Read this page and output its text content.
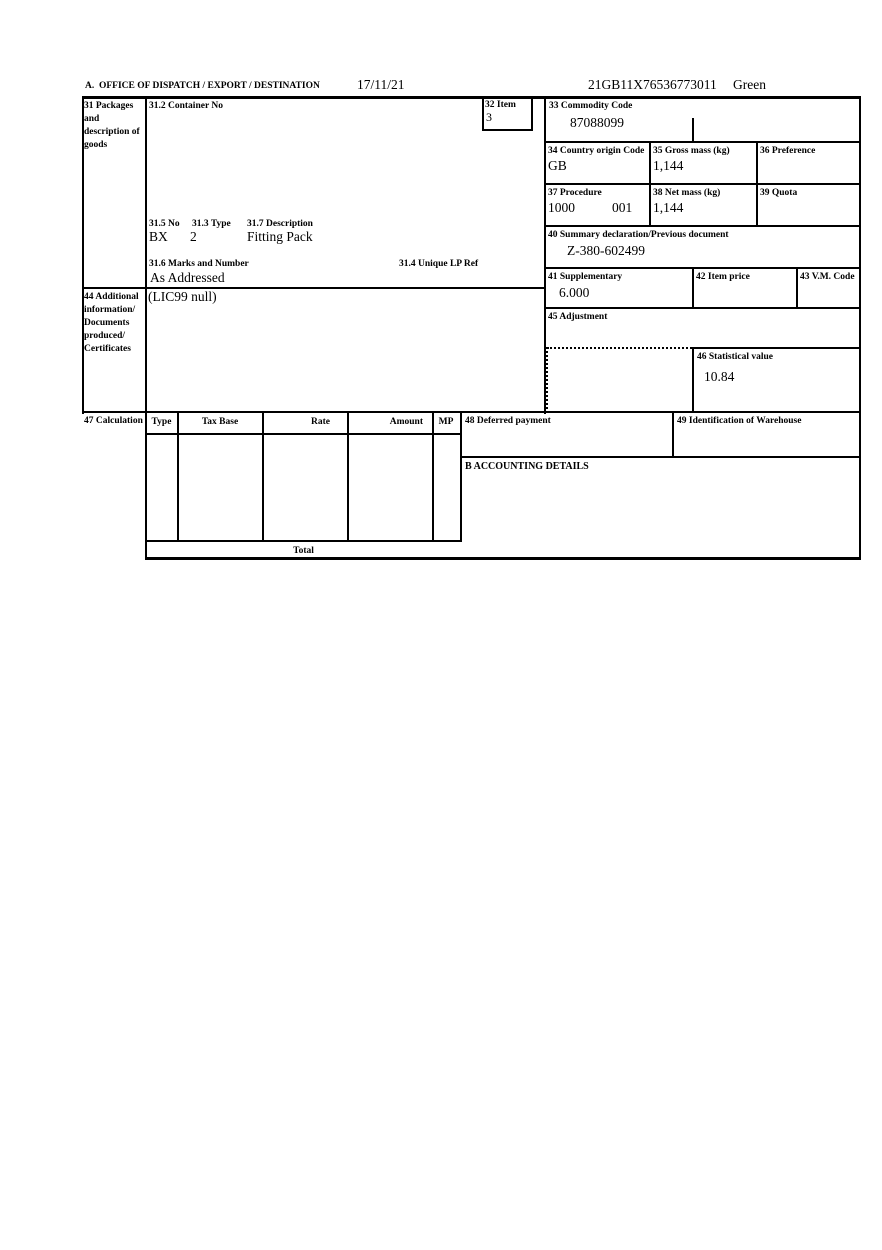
A.  OFFICE OF DISPATCH / EXPORT / DESTINATION	17/11/21	21GB11X76536773011 Green
31 Packages and description of goods
31.2 Container No	32 Item
3
31.5 No 31.3 Type 31.7 Description
BX 2	Fitting Pack
31.6 Marks and Number	31.4 Unique LP Ref
As Addressed
44 Additional information/ Documents produced/ Certificates
(LIC99 null)
33 Commodity Code
87088099
34 Country origin Code
GB
35 Gross mass (kg)
1,144
36 Preference
37 Procedure
1000	001
38 Net mass (kg)
1,144
39 Quota
40 Summary declaration/Previous document
Z-380-602499
41 Supplementary
6.000
42 Item price	43 V.M. Code
45 Adjustment
46 Statistical value
10.84
47 Calculation Type	Tax Base	Rate	Amount	MP
Total
48 Deferred payment	49 Identification of Warehouse
B ACCOUNTING DETAILS
